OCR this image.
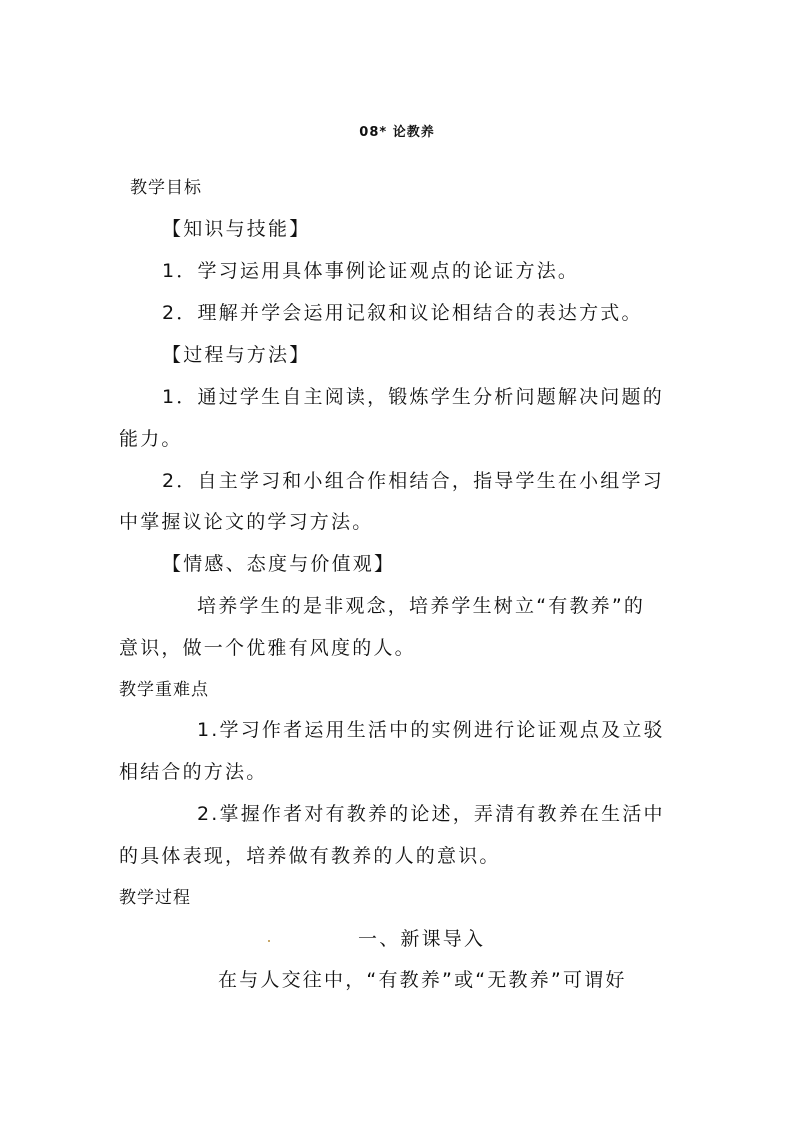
08* 论教养
教学目标
【知识与技能】
1．学习运用具体事例论证观点的论证方法。
2．理解并学会运用记叙和议论相结合的表达方式。
【过程与方法】
1．通过学生自主阅读，锻炼学生分析问题解决问题的
能力。
2．自主学习和小组合作相结合，指导学生在小组学习
中掌握议论文的学习方法。
【情感、态度与价值观】
培养学生的是非观念，培养学生树立“有教养”的
意识，做一个优雅有风度的人。
教学重难点
1.学习作者运用生活中的实例进行论证观点及立驳
相结合的方法。
2.掌握作者对有教养的论述，弄清有教养在生活中
的具体表现，培养做有教养的人的意识。
教学过程
一、新课导入
在与人交往中，“有教养”或“无教养”可谓好
